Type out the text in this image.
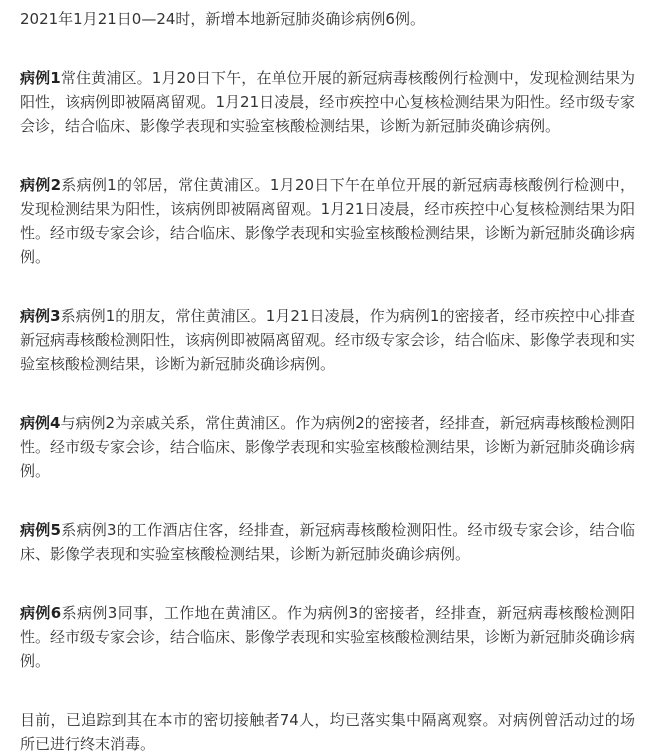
2021年1月21日0—24时，新增本地新冠肺炎确诊病例6例。

病例1常住黄浦区。1月20日下午，在单位开展的新冠病毒核酸例行检测中，发现检测结果为阳性，该病例即被隔离留观。1月21日凌晨，经市疾控中心复核检测结果为阳性。经市级专家会诊，结合临床、影像学表现和实验室核酸检测结果，诊断为新冠肺炎确诊病例。

病例2系病例1的邻居，常住黄浦区。1月20日下午在单位开展的新冠病毒核酸例行检测中，发现检测结果为阳性，该病例即被隔离留观。1月21日凌晨，经市疾控中心复核检测结果为阳性。经市级专家会诊，结合临床、影像学表现和实验室核酸检测结果，诊断为新冠肺炎确诊病例。

病例3系病例1的朋友，常住黄浦区。1月21日凌晨，作为病例1的密接者，经市疾控中心排查新冠病毒核酸检测阳性，该病例即被隔离留观。经市级专家会诊，结合临床、影像学表现和实验室核酸检测结果，诊断为新冠肺炎确诊病例。

病例4与病例2为亲戚关系，常住黄浦区。作为病例2的密接者，经排查，新冠病毒核酸检测阳性。经市级专家会诊，结合临床、影像学表现和实验室核酸检测结果，诊断为新冠肺炎确诊病例。

病例5系病例3的工作酒店住客，经排查，新冠病毒核酸检测阳性。经市级专家会诊，结合临床、影像学表现和实验室核酸检测结果，诊断为新冠肺炎确诊病例。

病例6系病例3同事，工作地在黄浦区。作为病例3的密接者，经排查，新冠病毒核酸检测阳性。经市级专家会诊，结合临床、影像学表现和实验室核酸检测结果，诊断为新冠肺炎确诊病例。

目前，已追踪到其在本市的密切接触者74人，均已落实集中隔离观察。对病例曾活动过的场所已进行终末消毒。
